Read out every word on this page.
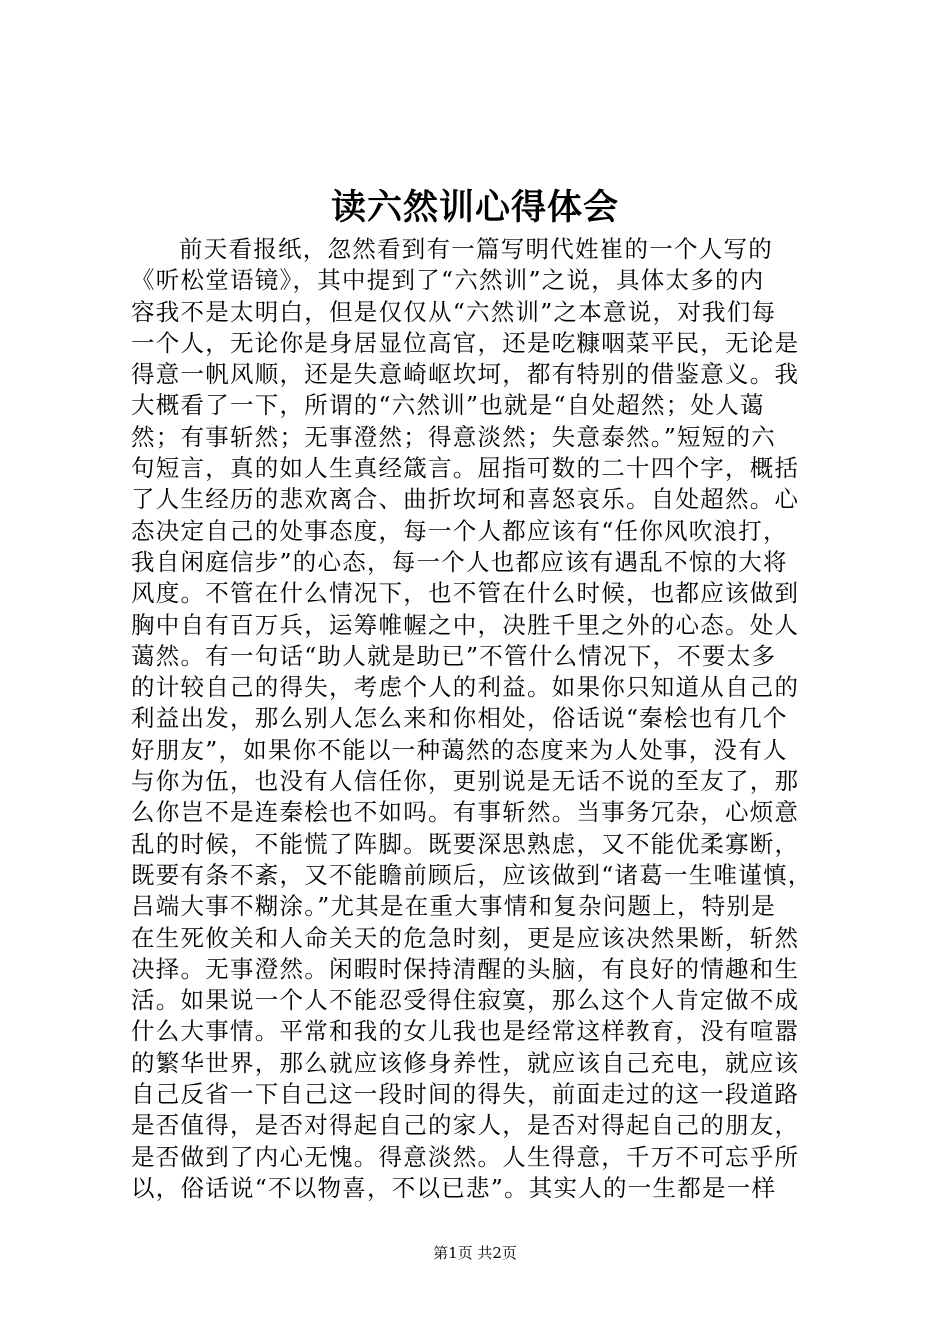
读六然训心得体会
前天看报纸，忽然看到有一篇写明代姓崔的一个人写的
《听松堂语镜》，其中提到了“六然训”之说，具体太多的内
容我不是太明白，但是仅仅从“六然训”之本意说，对我们每
一个人，无论你是身居显位高官，还是吃糠咽菜平民，无论是
得意一帆风顺，还是失意崎岖坎坷，都有特别的借鉴意义。我
大概看了一下，所谓的“六然训”也就是“自处超然；处人蔼
然；有事斩然；无事澄然；得意淡然；失意泰然。”短短的六
句短言，真的如人生真经箴言。屈指可数的二十四个字，概括
了人生经历的悲欢离合、曲折坎坷和喜怒哀乐。自处超然。心
态决定自己的处事态度，每一个人都应该有“任你风吹浪打，
我自闲庭信步”的心态，每一个人也都应该有遇乱不惊的大将
风度。不管在什么情况下，也不管在什么时候，也都应该做到
胸中自有百万兵，运筹帷幄之中，决胜千里之外的心态。处人
蔼然。有一句话“助人就是助已”不管什么情况下，不要太多
的计较自己的得失，考虑个人的利益。如果你只知道从自己的
利益出发，那么别人怎么来和你相处，俗话说“秦桧也有几个
好朋友”，如果你不能以一种蔼然的态度来为人处事，没有人
与你为伍，也没有人信任你，更别说是无话不说的至友了，那
么你岂不是连秦桧也不如吗。有事斩然。当事务冗杂，心烦意
乱的时候，不能慌了阵脚。既要深思熟虑，又不能优柔寡断，
既要有条不紊，又不能瞻前顾后，应该做到“诸葛一生唯谨慎，
吕端大事不糊涂。”尤其是在重大事情和复杂问题上，特别是
在生死攸关和人命关天的危急时刻，更是应该决然果断，斩然
决择。无事澄然。闲暇时保持清醒的头脑，有良好的情趣和生
活。如果说一个人不能忍受得住寂寞，那么这个人肯定做不成
什么大事情。平常和我的女儿我也是经常这样教育，没有喧嚣
的繁华世界，那么就应该修身养性，就应该自己充电，就应该
自己反省一下自己这一段时间的得失，前面走过的这一段道路
是否值得，是否对得起自己的家人，是否对得起自己的朋友，
是否做到了内心无愧。得意淡然。人生得意，千万不可忘乎所
以，俗话说“不以物喜，不以已悲”。其实人的一生都是一样
第1页 共2页
